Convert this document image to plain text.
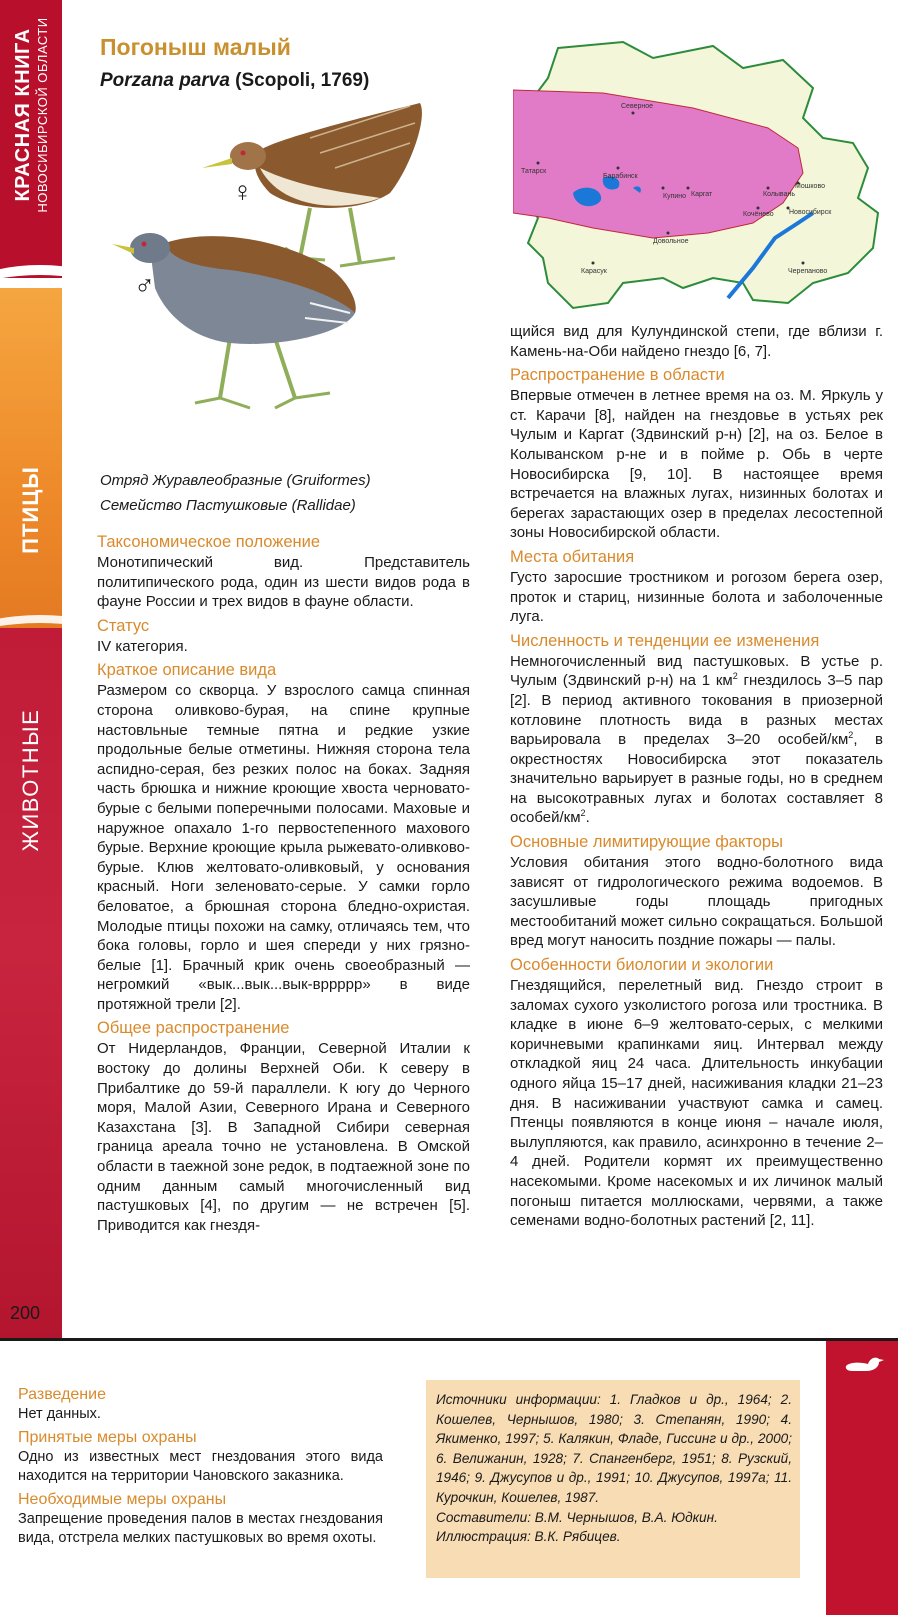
КРАСНАЯ КНИГА НОВОСИБИРСКОЙ ОБЛАСТИ
ПТИЦЫ
ЖИВОТНЫЕ
200
Погоныш малый
Porzana parva (Scopoli, 1769)
♀
♂
Отряд Журавлеобразные (Gruiformes)
Семейство Пастушковые (Rallidae)
Северное
Татарск
Барабинск
Купино Каргат	Колывань
Мошково
Новосибирск
Кочёнево
Довольное
Карасук	Черепаново
Таксономическое положение

Монотипический вид. Представитель политипического рода, один из шести видов рода в фауне России и трех видов в фауне области.

Статус

IV категория.

Краткое описание вида

Размером со скворца. У взрослого самца спинная сторона оливково-бурая, на спине крупные настовльные темные пятна и редкие узкие продольные белые отметины. Нижняя сторона тела аспидно-серая, без резких полос на боках. Задняя часть брюшка и нижние кроющие хвоста черновато-бурые с белыми поперечными полосами. Маховые и наружное опахало 1-го первостепенного махового бурые. Верхние кроющие крыла рыжевато-оливково-бурые. Клюв желтовато-оливковый, у основания красный. Ноги зеленовато-серые. У самки горло беловатое, а брюшная сторона бледно-охристая. Молодые птицы похожи на самку, отличаясь тем, что бока головы, горло и шея спереди у них грязно-белые [1]. Брачный крик очень своеобразный — негромкий «вык...вык...вык-вррррр» в виде протяжной трели [2].

Общее распространение

От Нидерландов, Франции, Северной Италии к востоку до долины Верхней Оби. К северу в Прибалтике до 59-й параллели. К югу до Черного моря, Малой Азии, Северного Ирана и Северного Казахстана [3]. В Западной Сибири северная граница ареала точно не установлена. В Омской области в таежной зоне редок, в подтаежной зоне по одним данным самый многочисленный вид пастушковых [4], по другим — не встречен [5]. Приводится как гнездя-

щийся вид для Кулундинской степи, где вблизи г. Камень-на-Оби найдено гнездо [6, 7].

Распространение в области

Впервые отмечен в летнее время на оз. М. Яркуль у ст. Карачи [8], найден на гнездовье в устьях рек Чулым и Каргат (Здвинский р-н) [2], на оз. Белое в Колыванском р-не и в пойме р. Обь в черте Новосибирска [9, 10]. В настоящее время встречается на влажных лугах, низинных болотах и берегах зарастающих озер в пределах лесостепной зоны Новосибирской области.

Места обитания

Густо заросшие тростником и рогозом берега озер, проток и стариц, низинные болота и заболоченные луга.

Численность и тенденции ее изменения

Немногочисленный вид пастушковых. В устье р. Чулым (Здвинский р-н) на 1 $км^2$ гнездилось 3–5 пар [2]. В период активного токования в приозерной котловине плотность вида в разных местах варьировала в пределах 3–20 особей/$км^2$, в окрестностях Новосибирска этот показатель значительно варьирует в разные годы, но в среднем на высокотравных лугах и болотах составляет 8 особей/$км^2$.

Основные лимитирующие факторы

Условия обитания этого водно-болотного вида зависят от гидрологического режима водоемов. В засушливые годы площадь пригодных местообитаний может сильно сокращаться. Большой вред могут наносить поздние пожары — палы.

Особенности биологии и экологии

Гнездящийся, перелетный вид. Гнездо строит в заломах сухого узколистого рогоза или тростника. В кладке в июне 6–9 желтовато-серых, с мелкими коричневыми крапинками яиц. Интервал между откладкой яиц 24 часа. Длительность инкубации одного яйца 15–17 дней, насиживания кладки 21–23 дня. В насиживании участвуют самка и самец. Птенцы появляются в конце июня – начале июля, вылупляются, как правило, асинхронно в течение 2–4 дней. Родители кормят их преимущественно насекомыми. Кроме насекомых и их личинок малый погоныш питается моллюсками, червями, а также семенами водно-болотных растений [2, 11].

Разведение

Нет данных.

Принятые меры охраны

Одно из известных мест гнездования этого вида находится на территории Чановского заказника.

Необходимые меры охраны

Запрещение проведения палов в местах гнездования вида, отстрела мелких пастушковых во время охоты.

Источники информации: 1. Гладков и др., 1964; 2. Кошелев, Чернышов, 1980; 3. Степанян, 1990; 4. Якименко, 1997; 5. Калякин, Фладе, Гиссинг и др., 2000; 6. Велижанин, 1928; 7. Спангенберг, 1951; 8. Рузский, 1946; 9. Джусупов и др., 1991; 10. Джусупов, 1997а; 11. Курочкин, Кошелев, 1987.

Составители: В.М. Чернышов, В.А. Юдкин.

Иллюстрация: В.К. Рябицев.
